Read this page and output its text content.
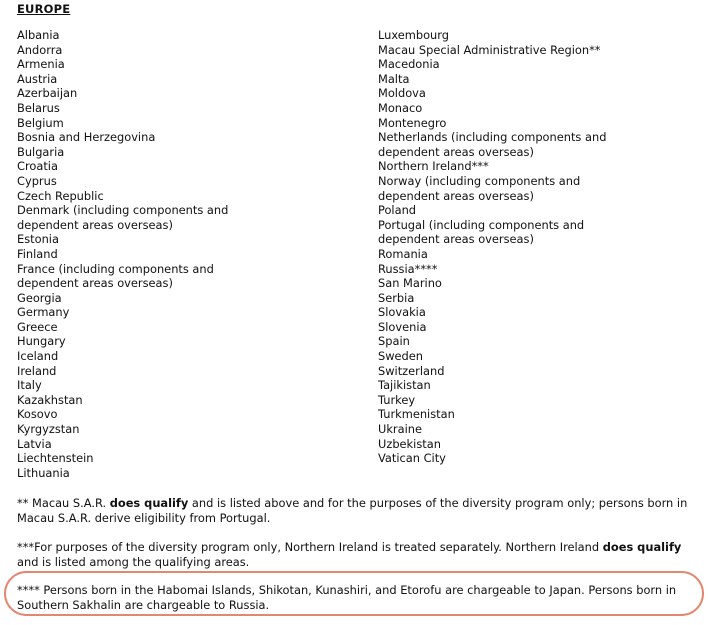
EUROPE
Albania
Andorra
Armenia
Austria
Azerbaijan
Belarus
Belgium
Bosnia and Herzegovina
Bulgaria
Croatia
Cyprus
Czech Republic
Denmark (including components and
dependent areas overseas)
Estonia
Finland
France (including components and
dependent areas overseas)
Georgia
Germany
Greece
Hungary
Iceland
Ireland
Italy
Kazakhstan
Kosovo
Kyrgyzstan
Latvia
Liechtenstein
Lithuania
Luxembourg
Macau Special Administrative Region**
Macedonia
Malta
Moldova
Monaco
Montenegro
Netherlands (including components and
dependent areas overseas)
Northern Ireland***
Norway (including components and
dependent areas overseas)
Poland
Portugal (including components and
dependent areas overseas)
Romania
Russia****
San Marino
Serbia
Slovakia
Slovenia
Spain
Sweden
Switzerland
Tajikistan
Turkey
Turkmenistan
Ukraine
Uzbekistan
Vatican City
** Macau S.A.R. does qualify and is listed above and for the purposes of the diversity program only; persons born in Macau S.A.R. derive eligibility from Portugal.
***For purposes of the diversity program only, Northern Ireland is treated separately. Northern Ireland does qualify and is listed among the qualifying areas.
**** Persons born in the Habomai Islands, Shikotan, Kunashiri, and Etorofu are chargeable to Japan. Persons born in Southern Sakhalin are chargeable to Russia.
